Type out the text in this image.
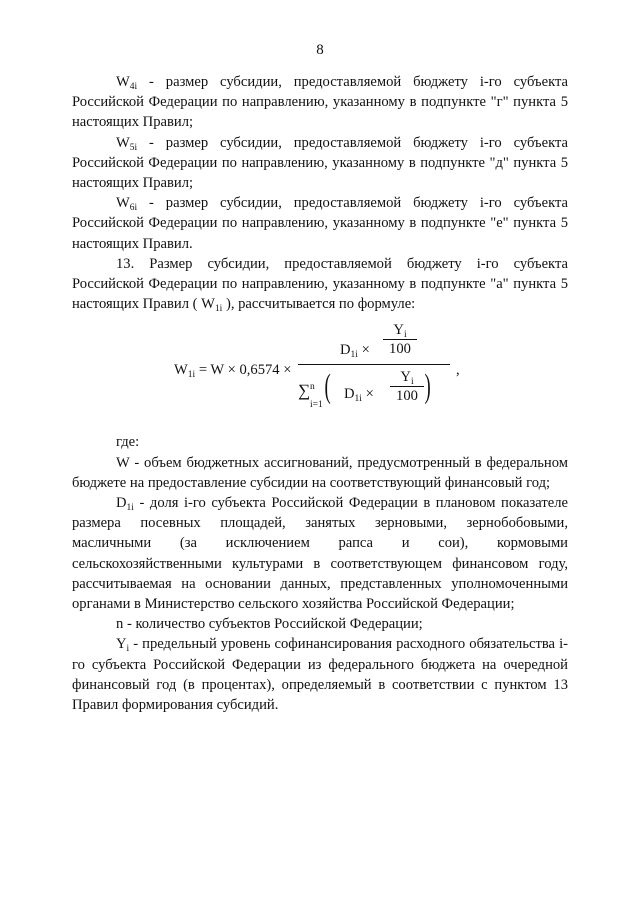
8

$W_{4i}$ - размер субсидии, предоставляемой бюджету i-го субъекта Российской Федерации по направлению, указанному в подпункте "г" пункта 5 настоящих Правил;

$W_{5i}$ - размер субсидии, предоставляемой бюджету i-го субъекта Российской Федерации по направлению, указанному в подпункте "д" пункта 5 настоящих Правил;

$W_{6i}$ - размер субсидии, предоставляемой бюджету i-го субъекта Российской Федерации по направлению, указанному в подпункте "е" пункта 5 настоящих Правил.

13. Размер субсидии, предоставляемой бюджету i-го субъекта Российской Федерации по направлению, указанному в подпункте "а" пункта 5 настоящих Правил ( $W_{1i}$ ), рассчитывается по формуле:

$W_{1i} = W \times 0,6574$ ×
$D_{1i}$ ×
$Y_i$
100
∑ n
i=1 ( $D_{1i}$ ×
$Y_i$
100 ) ,

где:

W - объем бюджетных ассигнований, предусмотренный в федеральном бюджете на предоставление субсидии на соответствующий финансовый год;

$D_{1i}$ - доля i-го субъекта Российской Федерации в плановом показателе размера посевных площадей, занятых зерновыми, зернобобовыми, масличными (за исключением рапса и сои), кормовыми сельскохозяйственными культурами в соответствующем финансовом году, рассчитываемая на основании данных, представленных уполномоченными органами в Министерство сельского хозяйства Российской Федерации;

n - количество субъектов Российской Федерации;

$Y_i$ - предельный уровень софинансирования расходного обязательства i-го субъекта Российской Федерации из федерального бюджета на очередной финансовый год (в процентах), определяемый в соответствии с пунктом 13 Правил формирования субсидий.
